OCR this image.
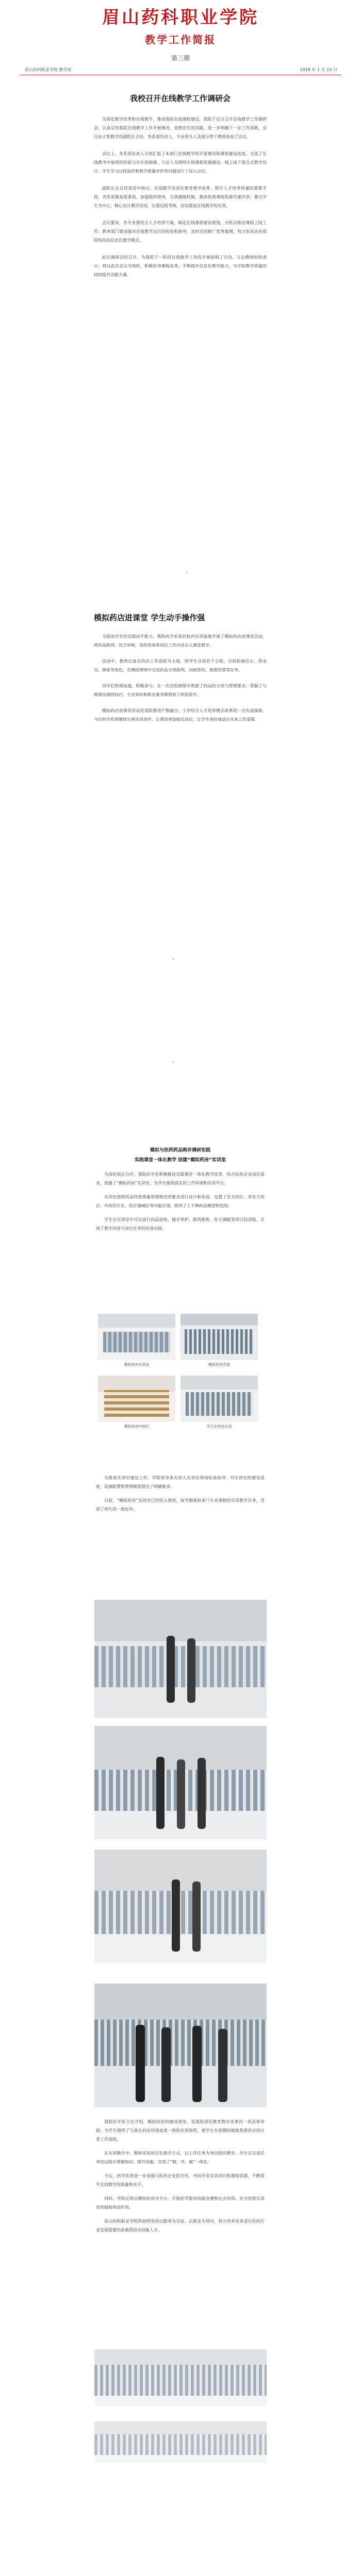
眉山药科职业学院
教学工作简报
第三期
眉山药科职业学院 教学部	2018 年 1 月 15 日
我校召开在线教学工作调研会

为深化教学改革和在线教学，推动我院在线课程建设，我院于近日召开在线教学工作调研会，认真总结我院在线教学工作开展情况，查摆存在的问题，进一步明确下一步工作思路，会议由主管教学的副院长主持，各系部负责人、专业带头人及部分骨干教师参加了会议。

会议上，各系部负责人分别汇报了本部门在线教学的开展情况和课程建设进度，交流了在线教学中取得的经验与存在的困难。与会人员围绕在线课程资源建设、线上线下混合式教学设计、学生学习过程监控和教学质量评价等问题进行了深入讨论。

副院长在总结讲话中指出，在线教学是深化教育教学改革、提升人才培养质量的重要手段，各系部要高度重视，加强组织领导，完善激励机制，推动优质课程资源共建共享；要以学生为中心，精心设计教学活动，注重过程考核，切实提高在线教学的实效。

会议要求，各专业要结合人才培养方案，制定在线课程建设规划，分批次推进课程上线工作；教务部门要加强对在线教学运行的检查和指导，及时总结推广优秀案例，努力形成具有我院特色的信息化教学模式。

此次调研会的召开，为我院下一阶段在线教学工作的开展指明了方向，与会教师纷纷表示，将以此次会议为契机，积极投身课程改革，不断提升信息化教学能力，为学院教学质量的持续提升贡献力量。

模拟药店进课堂 学生动手操作强

为提高学生的实践动手能力，我院药学系依托校内实训基地开展了模拟药店进课堂活动，将药品陈列、处方审核、用药咨询等岗位工作内容引入课堂教学。

活动中，教师以真实药店工作流程为主线，将学生分成若干小组，分别扮演店长、营业员、顾客等角色，在模拟情境中完成药品分类陈列、问病荐药、收银结算等任务。

同学们热情高涨，积极参与，在一次次的演练中熟悉了药品的分类与管理要求，掌握了与顾客沟通的技巧，专业知识和职业素养都得到了明显提升。

模拟药店进课堂活动是我院推进产教融合、工学结合人才培养模式改革的一次有益探索，今后药学系将继续完善实训条件，让课堂更加贴近岗位，让学生更好地适应未来工作需要。

模拟与医药药品购存调研实践
实践课堂一体化教学 创建“模拟药房”实训室

为深化校企合作，我院药学系积极推进实践课堂一体化教学改革，结合医药企业岗位需求，创建了“模拟药房”实训室，为学生提供真实的工作环境和实训平台。

实训室按照药品经营质量管理规范的要求进行设计和布局，设置了处方药区、非处方药区、中药饮片区、医疗器械区等功能区域，陈列了上千种药品模型和包装。

学生在实训室中可以进行药品验收、储存养护、陈列销售、处方调配等项目的训练，实现了教学内容与岗位任务的有效对接。

模拟药房实训室	模拟药房货架
模拟药房中药区	学生在药房实训

为推进实训室建设工作，学院领导多次深入实训室现场检查指导，对实训室的建设进度、设备配置和管理制度提出了明确要求。

目前，“模拟药房”实训室已经投入使用，每学期承担多门专业课程的实训教学任务，受到了师生的一致好评。

我院药学系主任介绍，模拟药房的建成使用，是我院深化教育教学改革的一项具体举措，为学生提供了与真实药店环境高度一致的实训场所，使学生在校期间就能熟悉药店的日常工作流程。

在实训教学中，教师采用项目化教学方式，以工作任务为导向组织教学，学生在完成任务的过程中掌握知识、提升技能，实现了“教、学、做”一体化。

今后，药学系将进一步加强与医药企业的合作，共同开发实训项目和课程资源，不断提升实训教学的质量和水平。

同时，学院还将以模拟药房为平台，开展药学服务技能竞赛和社会培训，充分发挥实训室的辐射带动作用。

眉山药科职业学院将始终坚持以服务为宗旨、以就业为导向，努力培养更多适应医药行业发展需要的高素质技术技能人才。
